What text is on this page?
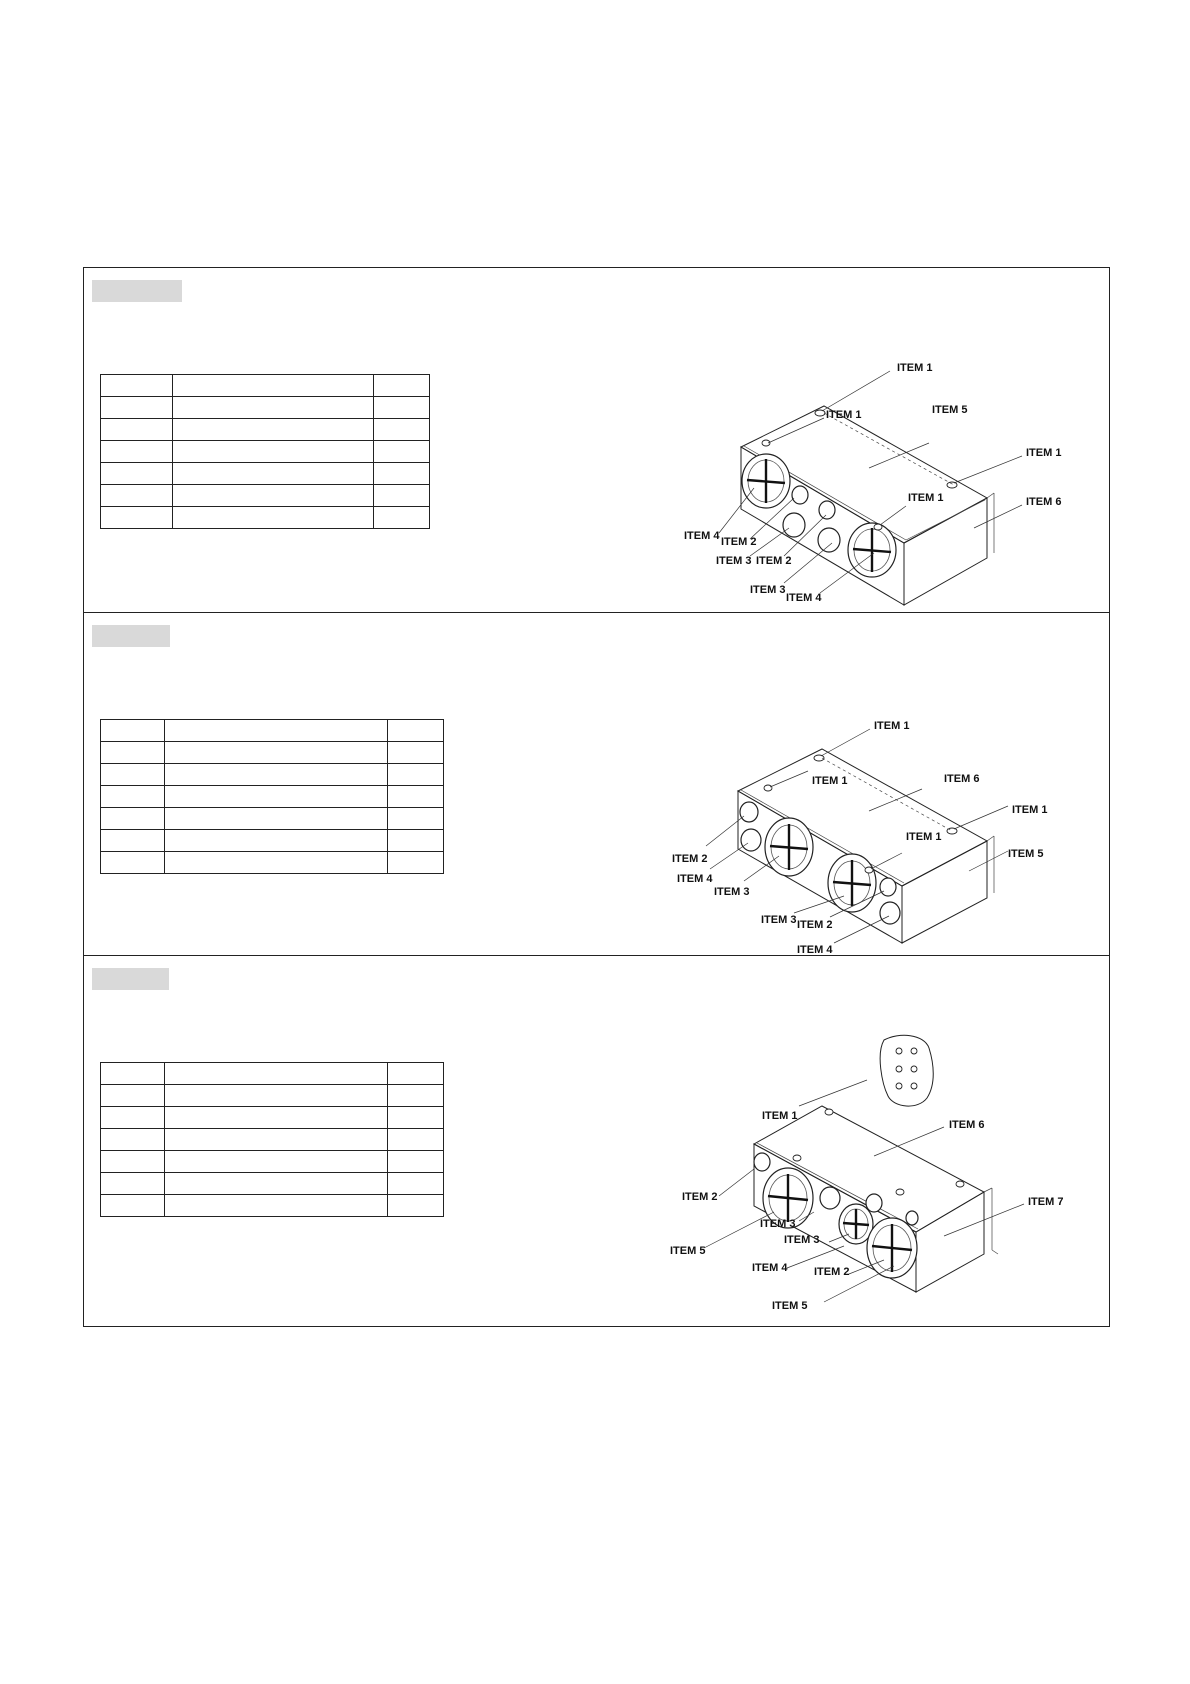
ITEM 1
ITEM 1	ITEM 5
ITEM 1
ITEM 1	ITEM 6
ITEM 4 ITEM 2
ITEM 3 ITEM 2
ITEM 3
ITEM 4

ITEM 1
ITEM 1	ITEM 6
ITEM 1
ITEM 1
ITEM 5
ITEM 2
ITEM 4
ITEM 3
ITEM 3 ITEM 2
ITEM 4

ITEM 1
ITEM 6
ITEM 2	ITEM 7
ITEM 3
ITEM 3
ITEM 5
ITEM 4 ITEM 2
ITEM 5
